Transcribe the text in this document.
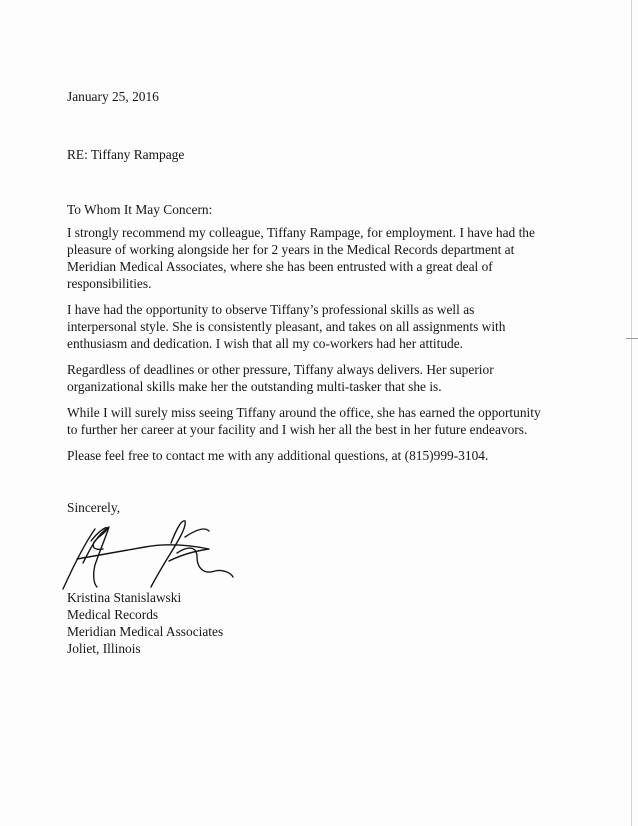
January 25, 2016

RE: Tiffany Rampage

To Whom It May Concern:

I strongly recommend my colleague, Tiffany Rampage, for employment. I have had the pleasure of working alongside her for 2 years in the Medical Records department at Meridian Medical Associates, where she has been entrusted with a great deal of responsibilities.

I have had the opportunity to observe Tiffany’s professional skills as well as interpersonal style. She is consistently pleasant, and takes on all assignments with enthusiasm and dedication. I wish that all my co-workers had her attitude.

Regardless of deadlines or other pressure, Tiffany always delivers. Her superior organizational skills make her the outstanding multi-tasker that she is.

While I will surely miss seeing Tiffany around the office, she has earned the opportunity to further her career at your facility and I wish her all the best in her future endeavors.

Please feel free to contact me with any additional questions, at (815)999-3104.

Sincerely,

Kristina Stanislawski
Medical Records
Meridian Medical Associates
Joliet, Illinois
